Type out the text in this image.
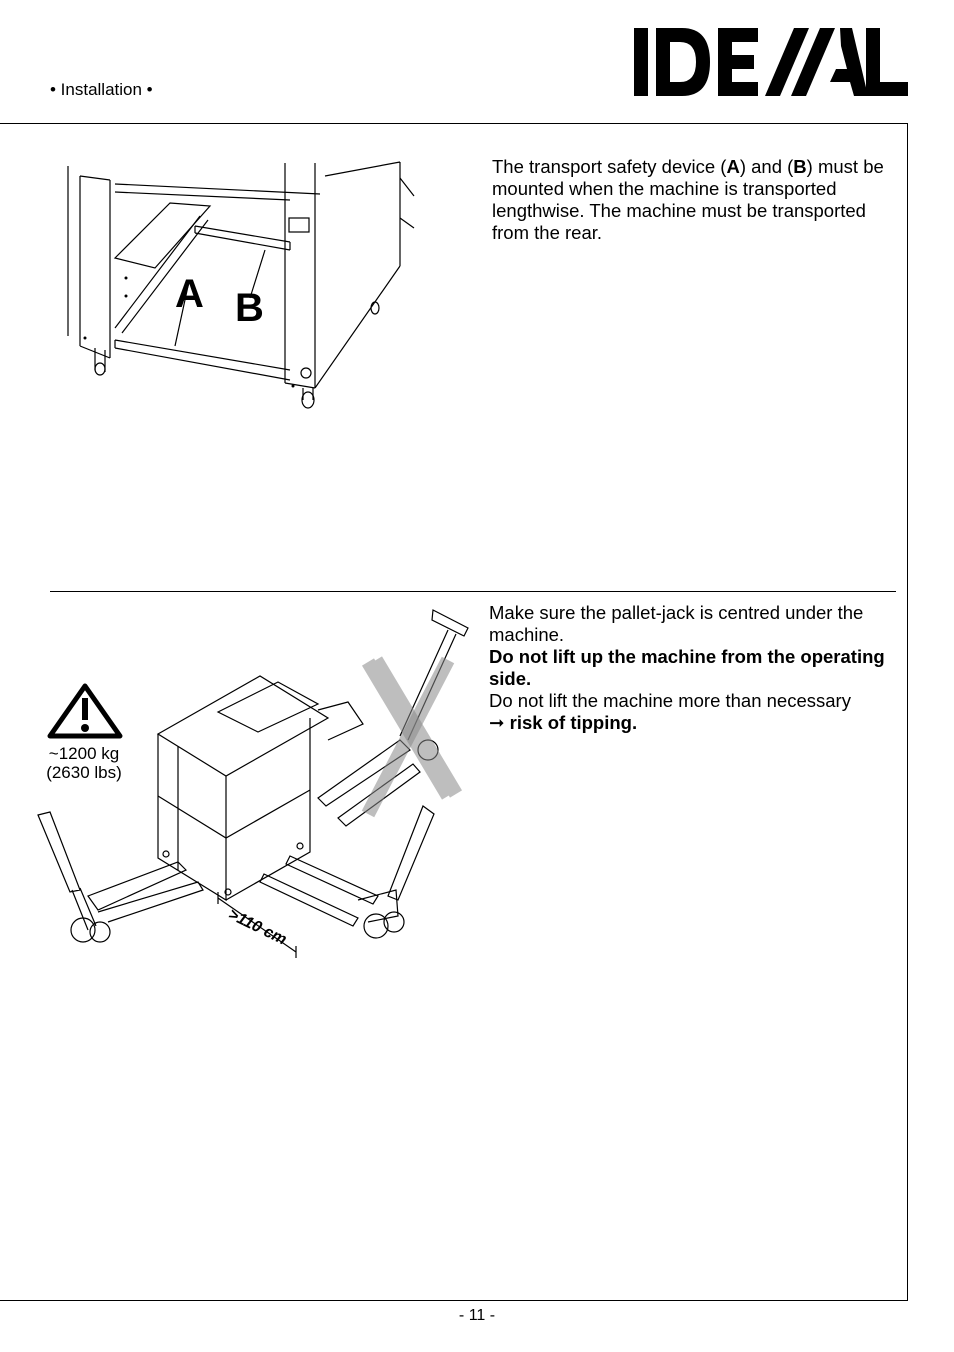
• Installation •
A B
The transport safety device (A) and (B) must be mounted when the machine is transported lengthwise. The machine must be transported from the rear.
~1200 kg
(2630 lbs)
>110 cm

Make sure the pallet-jack is centred under the machine.

Do not lift up the machine from the operating side.

Do not lift the machine more than necessary

➞ risk of tipping.

- 11 -
